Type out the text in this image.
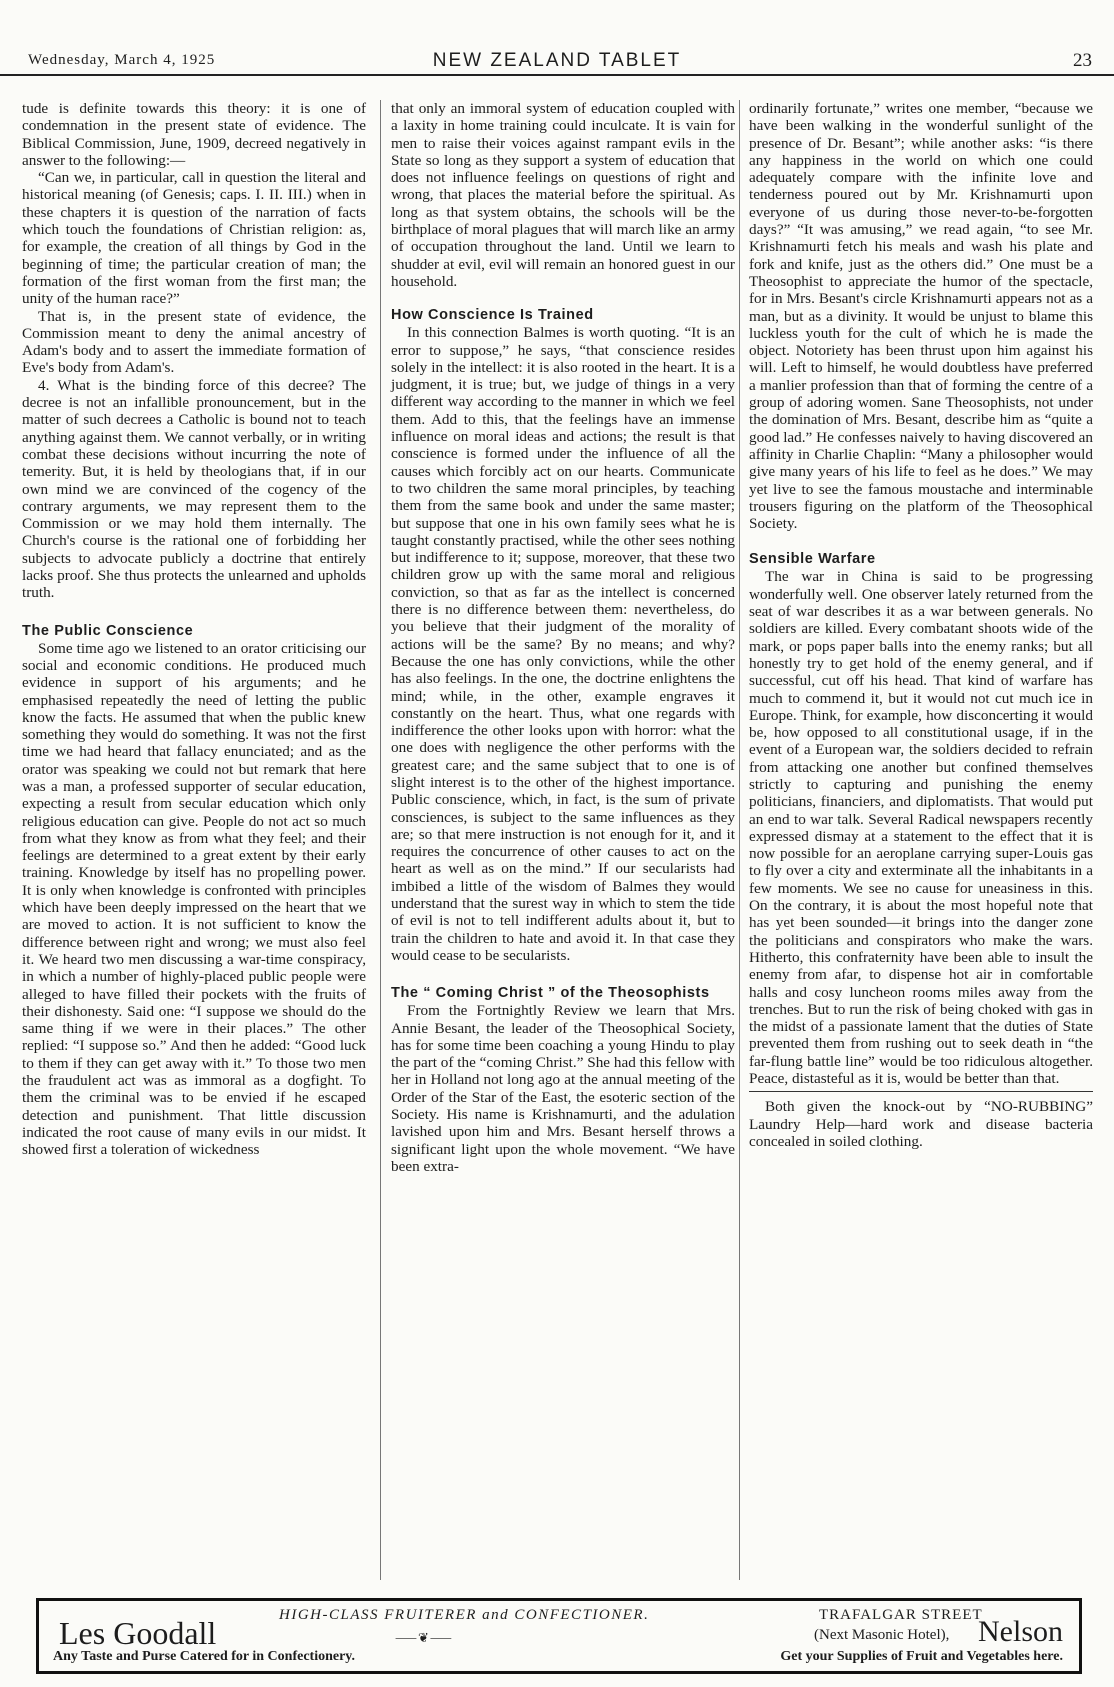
Wednesday, March 4, 1925	NEW ZEALAND TABLET	23

tude is definite towards this theory: it is one of condemnation in the present state of evidence. The Biblical Commission, June, 1909, decreed negatively in answer to the following:—

“Can we, in particular, call in question the literal and historical meaning (of Genesis; caps. I. II. III.) when in these chapters it is question of the narration of facts which touch the foundations of Christian religion: as, for example, the creation of all things by God in the beginning of time; the particular creation of man; the formation of the first woman from the first man; the unity of the human race?”

That is, in the present state of evidence, the Commission meant to deny the animal ancestry of Adam's body and to assert the immediate formation of Eve's body from Adam's.

4. What is the binding force of this decree? The decree is not an infallible pronouncement, but in the matter of such decrees a Catholic is bound not to teach anything against them. We cannot verbally, or in writing combat these decisions without incurring the note of temerity. But, it is held by theologians that, if in our own mind we are convinced of the cogency of the contrary arguments, we may represent them to the Commission or we may hold them internally. The Church's course is the rational one of forbidding her subjects to advocate publicly a doctrine that entirely lacks proof. She thus protects the unlearned and upholds truth.

The Public Conscience

Some time ago we listened to an orator criticising our social and economic conditions. He produced much evidence in support of his arguments; and he emphasised repeatedly the need of letting the public know the facts. He assumed that when the public knew something they would do something. It was not the first time we had heard that fallacy enunciated; and as the orator was speaking we could not but remark that here was a man, a professed supporter of secular education, expecting a result from secular education which only religious education can give. People do not act so much from what they know as from what they feel; and their feelings are determined to a great extent by their early training. Knowledge by itself has no propelling power. It is only when knowledge is confronted with principles which have been deeply impressed on the heart that we are moved to action. It is not sufficient to know the difference between right and wrong; we must also feel it. We heard two men discussing a war-time conspiracy, in which a number of highly-placed public people were alleged to have filled their pockets with the fruits of their dishonesty. Said one: “I suppose we should do the same thing if we were in their places.” The other replied: “I suppose so.” And then he added: “Good luck to them if they can get away with it.” To those two men the fraudulent act was as immoral as a dogfight. To them the criminal was to be envied if he escaped detection and punishment. That little discussion indicated the root cause of many evils in our midst. It showed first a toleration of wickedness

that only an immoral system of education coupled with a laxity in home training could inculcate. It is vain for men to raise their voices against rampant evils in the State so long as they support a system of education that does not influence feelings on questions of right and wrong, that places the material before the spiritual. As long as that system obtains, the schools will be the birthplace of moral plagues that will march like an army of occupation throughout the land. Until we learn to shudder at evil, evil will remain an honored guest in our household.

How Conscience Is Trained

In this connection Balmes is worth quoting. “It is an error to suppose,” he says, “that conscience resides solely in the intellect: it is also rooted in the heart. It is a judgment, it is true; but, we judge of things in a very different way according to the manner in which we feel them. Add to this, that the feelings have an immense influence on moral ideas and actions; the result is that conscience is formed under the influence of all the causes which forcibly act on our hearts. Communicate to two children the same moral principles, by teaching them from the same book and under the same master; but suppose that one in his own family sees what he is taught constantly practised, while the other sees nothing but indifference to it; suppose, moreover, that these two children grow up with the same moral and religious conviction, so that as far as the intellect is concerned there is no difference between them: nevertheless, do you believe that their judgment of the morality of actions will be the same? By no means; and why? Because the one has only convictions, while the other has also feelings. In the one, the doctrine enlightens the mind; while, in the other, example engraves it constantly on the heart. Thus, what one regards with indifference the other looks upon with horror: what the one does with negligence the other performs with the greatest care; and the same subject that to one is of slight interest is to the other of the highest importance. Public conscience, which, in fact, is the sum of private consciences, is subject to the same influences as they are; so that mere instruction is not enough for it, and it requires the concurrence of other causes to act on the heart as well as on the mind.” If our secularists had imbibed a little of the wisdom of Balmes they would understand that the surest way in which to stem the tide of evil is not to tell indifferent adults about it, but to train the children to hate and avoid it. In that case they would cease to be secularists.

The “ Coming Christ ” of the Theosophists

From the Fortnightly Review we learn that Mrs. Annie Besant, the leader of the Theosophical Society, has for some time been coaching a young Hindu to play the part of the “coming Christ.” She had this fellow with her in Holland not long ago at the annual meeting of the Order of the Star of the East, the esoteric section of the Society. His name is Krishnamurti, and the adulation lavished upon him and Mrs. Besant herself throws a significant light upon the whole movement. “We have been extra-

ordinarily fortunate,” writes one member, “because we have been walking in the wonderful sunlight of the presence of Dr. Besant”; while another asks: “is there any happiness in the world on which one could adequately compare with the infinite love and tenderness poured out by Mr. Krishnamurti upon everyone of us during those never-to-be-forgotten days?” “It was amusing,” we read again, “to see Mr. Krishnamurti fetch his meals and wash his plate and fork and knife, just as the others did.” One must be a Theosophist to appreciate the humor of the spectacle, for in Mrs. Besant's circle Krishnamurti appears not as a man, but as a divinity. It would be unjust to blame this luckless youth for the cult of which he is made the object. Notoriety has been thrust upon him against his will. Left to himself, he would doubtless have preferred a manlier profession than that of forming the centre of a group of adoring women. Sane Theosophists, not under the domination of Mrs. Besant, describe him as “quite a good lad.” He confesses naively to having discovered an affinity in Charlie Chaplin: “Many a philosopher would give many years of his life to feel as he does.” We may yet live to see the famous moustache and interminable trousers figuring on the platform of the Theosophical Society.

Sensible Warfare

The war in China is said to be progressing wonderfully well. One observer lately returned from the seat of war describes it as a war between generals. No soldiers are killed. Every combatant shoots wide of the mark, or pops paper balls into the enemy ranks; but all honestly try to get hold of the enemy general, and if successful, cut off his head. That kind of warfare has much to commend it, but it would not cut much ice in Europe. Think, for example, how disconcerting it would be, how opposed to all constitutional usage, if in the event of a European war, the soldiers decided to refrain from attacking one another but confined themselves strictly to capturing and punishing the enemy politicians, financiers, and diplomatists. That would put an end to war talk. Several Radical newspapers recently expressed dismay at a statement to the effect that it is now possible for an aeroplane carrying super-Louis gas to fly over a city and exterminate all the inhabitants in a few moments. We see no cause for uneasiness in this. On the contrary, it is about the most hopeful note that has yet been sounded—it brings into the danger zone the politicians and conspirators who make the wars. Hitherto, this confraternity have been able to insult the enemy from afar, to dispense hot air in comfortable halls and cosy luncheon rooms miles away from the trenches. But to run the risk of being choked with gas in the midst of a passionate lament that the duties of State prevented them from rushing out to seek death in “the far-flung battle line” would be too ridiculous altogether. Peace, distasteful as it is, would be better than that.

Both given the knock-out by “NO-RUBBING” Laundry Help—hard work and disease bacteria concealed in soiled clothing.

Les Goodall	HIGH-CLASS FRUITERER and CONFECTIONER.
⸺❦⸺
TRAFALGAR STREET
(Next Masonic Hotel), Nelson
Any Taste and Purse Catered for in Confectionery.	Get your Supplies of Fruit and Vegetables here.
